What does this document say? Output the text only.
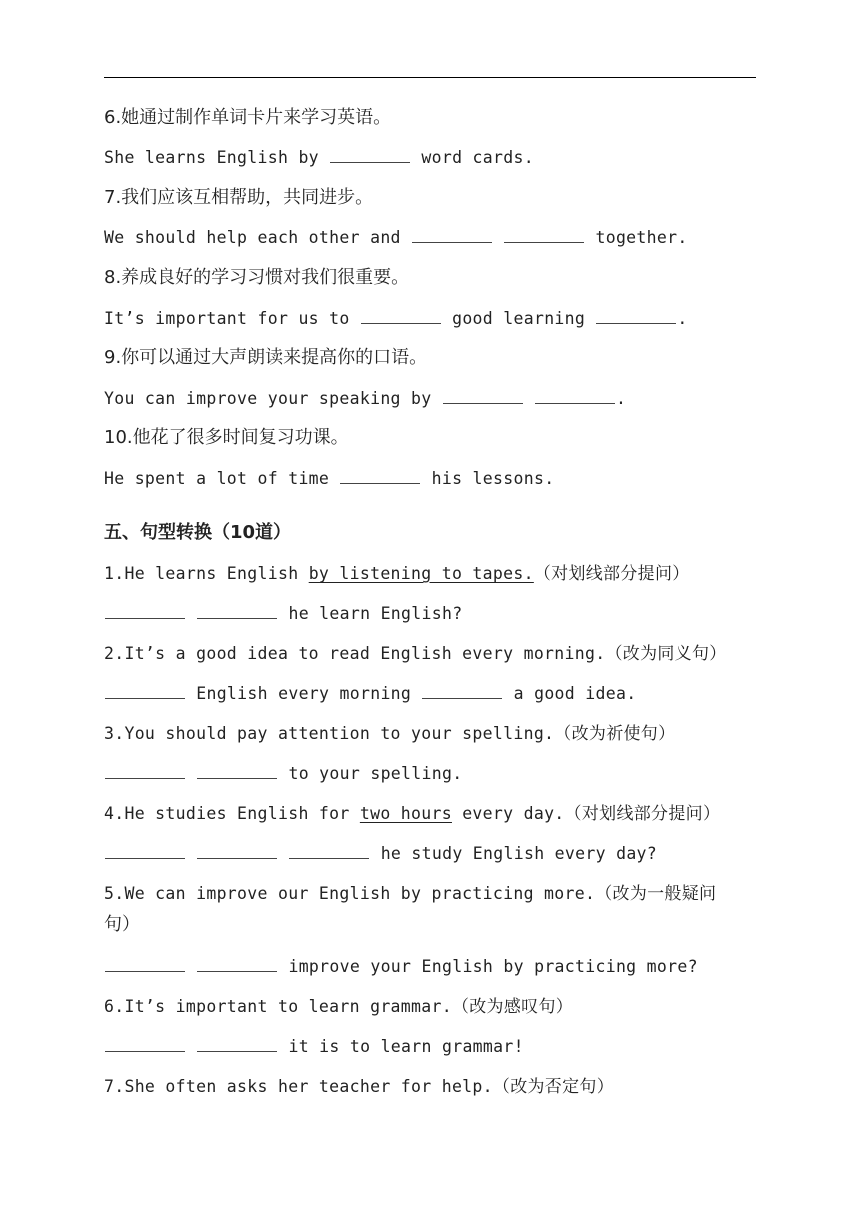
6.她通过制作单词卡片来学习英语。
She learns English by	word cards.
7.我们应该互相帮助，共同进步。
We should help each other and	together.
8.养成良好的学习习惯对我们很重要。
It’s important for us to	good learning	.
9.你可以通过大声朗读来提高你的口语。
You can improve your speaking by	.
10.他花了很多时间复习功课。
He spent a lot of time	his lessons.
五、句型转换（10道）
1.He learns English by listening to tapes.（对划线部分提问）
he learn English?
2.It’s a good idea to read English every morning.（改为同义句）
English every morning	a good idea.
3.You should pay attention to your spelling.（改为祈使句）
to your spelling.
4.He studies English for two hours every day.（对划线部分提问）
he study English every day?
5.We can improve our English by practicing more.（改为一般疑问
句）
improve your English by practicing more?
6.It’s important to learn grammar.（改为感叹句）
it is to learn grammar!
7.She often asks her teacher for help.（改为否定句）
